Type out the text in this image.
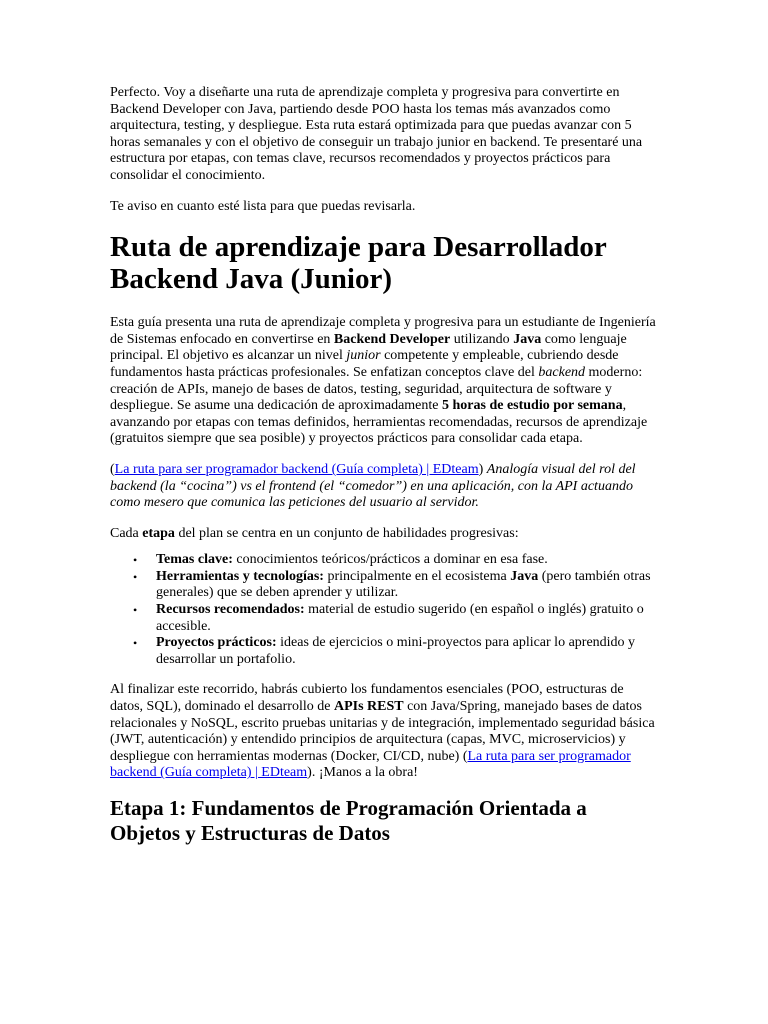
Perfecto. Voy a diseñarte una ruta de aprendizaje completa y progresiva para convertirte en Backend Developer con Java, partiendo desde POO hasta los temas más avanzados como arquitectura, testing, y despliegue. Esta ruta estará optimizada para que puedas avanzar con 5 horas semanales y con el objetivo de conseguir un trabajo junior en backend. Te presentaré una estructura por etapas, con temas clave, recursos recomendados y proyectos prácticos para consolidar el conocimiento.

Te aviso en cuanto esté lista para que puedas revisarla.

Ruta de aprendizaje para Desarrollador Backend Java (Junior)

Esta guía presenta una ruta de aprendizaje completa y progresiva para un estudiante de Ingeniería de Sistemas enfocado en convertirse en Backend Developer utilizando Java como lenguaje principal. El objetivo es alcanzar un nivel junior competente y empleable, cubriendo desde fundamentos hasta prácticas profesionales. Se enfatizan conceptos clave del backend moderno: creación de APIs, manejo de bases de datos, testing, seguridad, arquitectura de software y despliegue. Se asume una dedicación de aproximadamente 5 horas de estudio por semana, avanzando por etapas con temas definidos, herramientas recomendadas, recursos de aprendizaje (gratuitos siempre que sea posible) y proyectos prácticos para consolidar cada etapa.

(La ruta para ser programador backend (Guía completa) | EDteam) Analogía visual del rol del backend (la “cocina”) vs el frontend (el “comedor”) en una aplicación, con la API actuando como mesero que comunica las peticiones del usuario al servidor.

Cada etapa del plan se centra en un conjunto de habilidades progresivas:

• Temas clave: conocimientos teóricos/prácticos a dominar en esa fase.
• Herramientas y tecnologías: principalmente en el ecosistema Java (pero también otras generales) que se deben aprender y utilizar.
• Recursos recomendados: material de estudio sugerido (en español o inglés) gratuito o accesible.
• Proyectos prácticos: ideas de ejercicios o mini-proyectos para aplicar lo aprendido y desarrollar un portafolio.

Al finalizar este recorrido, habrás cubierto los fundamentos esenciales (POO, estructuras de datos, SQL), dominado el desarrollo de APIs REST con Java/Spring, manejado bases de datos relacionales y NoSQL, escrito pruebas unitarias y de integración, implementado seguridad básica (JWT, autenticación) y entendido principios de arquitectura (capas, MVC, microservicios) y despliegue con herramientas modernas (Docker, CI/CD, nube) (La ruta para ser programador backend (Guía completa) | EDteam). ¡Manos a la obra!

Etapa 1: Fundamentos de Programación Orientada a Objetos y Estructuras de Datos
